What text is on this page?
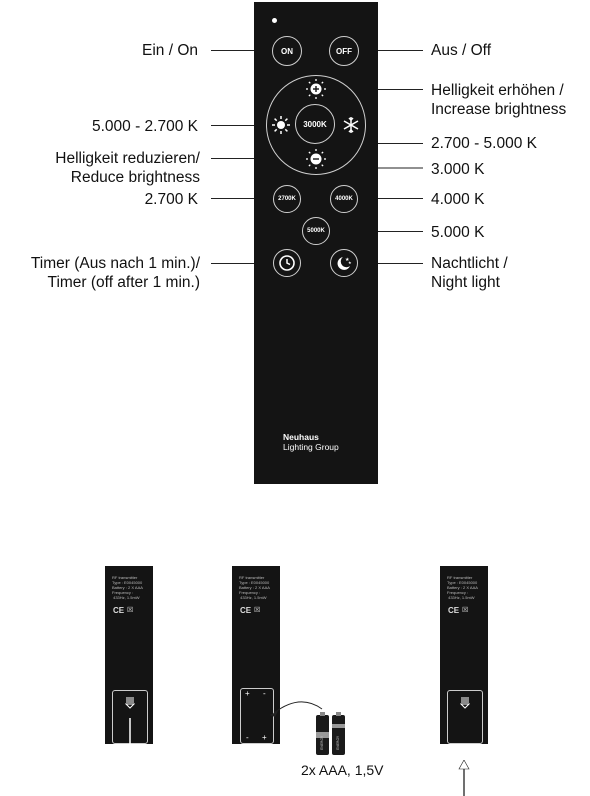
Ein / On
5.000 - 2.700 K
Helligkeit reduzieren/
Reduce brightness
2.700 K
Timer (Aus nach 1 min.)/
Timer (off after 1 min.)
Aus / Off
Helligkeit erhöhen /
Increase brightness
2.700 - 5.000 K
3.000 K
4.000 K
5.000 K
Nachtlicht /
Night light
ON	OFF
3000K
2700K	4000K
5000K
★
★
Neuhaus
Lighting Group
RF transmitter
Type : E0045000
Battery : 2 X AAA
Frequency :
433Hz, 1.5mW
CE ☒
RF transmitter
Type : E0045000
Battery : 2 X AAA
Frequency :
433Hz, 1.5mW
CE ☒
+ -
- +	ENERGY	ENERGY
2x AAA, 1,5V
RF transmitter
Type : E0045000
Battery : 2 X AAA
Frequency :
433Hz, 1.5mW
CE ☒
